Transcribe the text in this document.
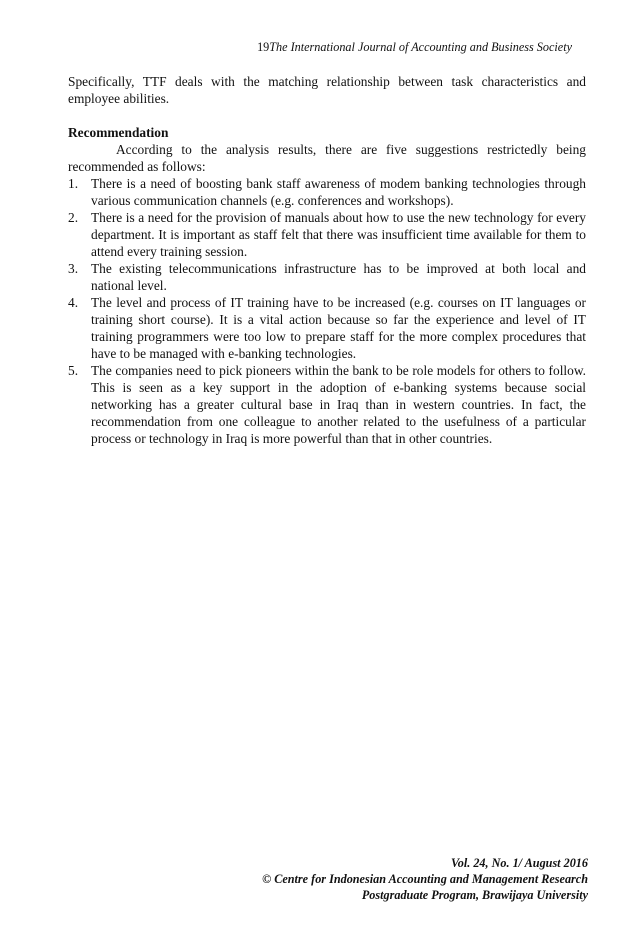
19The International Journal of Accounting and Business Society

Specifically, TTF deals with the matching relationship between task characteristics and employee abilities.

Recommendation

According to the analysis results, there are five suggestions restrictedly being recommended as follows:

1. There is a need of boosting bank staff awareness of modem banking technologies through various communication channels (e.g. conferences and workshops).
2. There is a need for the provision of manuals about how to use the new technology for every department. It is important as staff felt that there was insufficient time available for them to attend every training session.
3. The existing telecommunications infrastructure has to be improved at both local and national level.
4. The level and process of IT training have to be increased (e.g. courses on IT languages or training short course). It is a vital action because so far the experience and level of IT training programmers were too low to prepare staff for the more complex procedures that have to be managed with e-banking technologies.
5. The companies need to pick pioneers within the bank to be role models for others to follow. This is seen as a key support in the adoption of e-banking systems because social networking has a greater cultural base in Iraq than in western countries. In fact, the recommendation from one colleague to another related to the usefulness of a particular process or technology in Iraq is more powerful than that in other countries.
Vol. 24, No. 1/ August 2016
© Centre for Indonesian Accounting and Management Research
Postgraduate Program, Brawijaya University
